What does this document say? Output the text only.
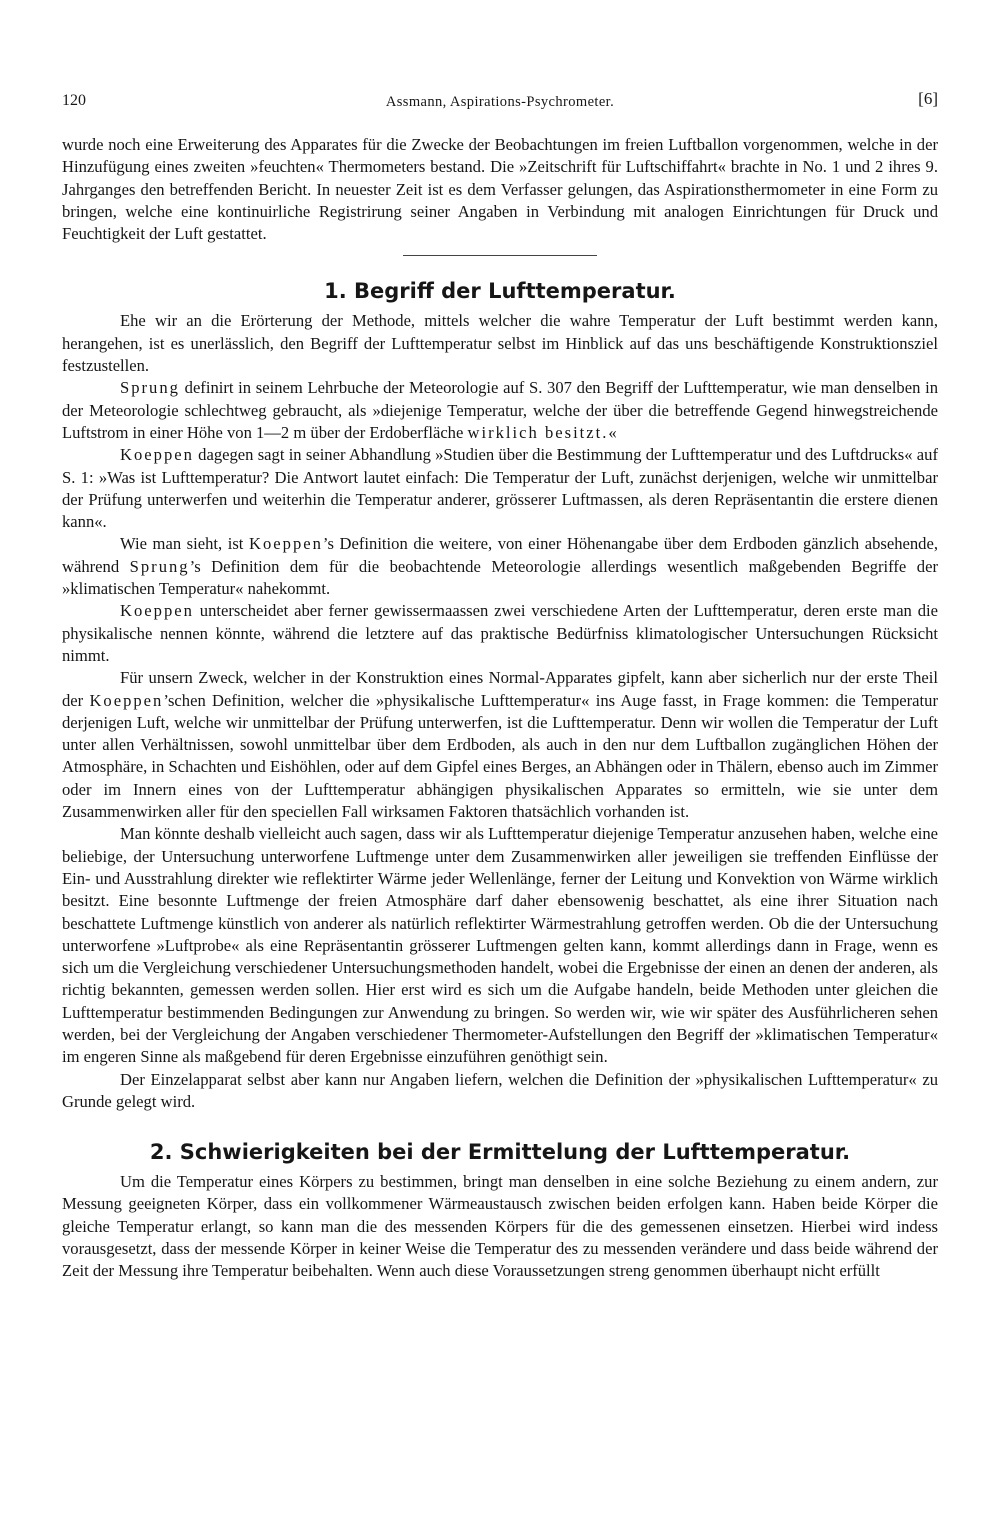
120	Assmann, Aspirations-Psychrometer.	[6]

wurde noch eine Erweiterung des Apparates für die Zwecke der Beobachtungen im freien Luftballon vorgenommen, welche in der Hinzufügung eines zweiten »feuchten« Thermometers bestand. Die »Zeitschrift für Luftschiffahrt« brachte in No. 1 und 2 ihres 9. Jahrganges den betreffenden Bericht. In neuester Zeit ist es dem Verfasser gelungen, das Aspirationsthermometer in eine Form zu bringen, welche eine kontinuirliche Registrirung seiner Angaben in Verbindung mit analogen Einrichtungen für Druck und Feuchtigkeit der Luft gestattet.

1. Begriff der Lufttemperatur.

Ehe wir an die Erörterung der Methode, mittels welcher die wahre Temperatur der Luft bestimmt werden kann, herangehen, ist es unerlässlich, den Begriff der Lufttemperatur selbst im Hinblick auf das uns beschäftigende Konstruktionsziel festzustellen.

Sprung definirt in seinem Lehrbuche der Meteorologie auf S. 307 den Begriff der Lufttemperatur, wie man denselben in der Meteorologie schlechtweg gebraucht, als »diejenige Temperatur, welche der über die betreffende Gegend hinwegstreichende Luftstrom in einer Höhe von 1—2 m über der Erdoberfläche wirklich besitzt.«

Koeppen dagegen sagt in seiner Abhandlung »Studien über die Bestimmung der Lufttemperatur und des Luftdrucks« auf S. 1: »Was ist Lufttemperatur? Die Antwort lautet einfach: Die Temperatur der Luft, zunächst derjenigen, welche wir unmittelbar der Prüfung unterwerfen und weiterhin die Temperatur anderer, grösserer Luftmassen, als deren Repräsentantin die erstere dienen kann«.

Wie man sieht, ist Koeppen’s Definition die weitere, von einer Höhenangabe über dem Erdboden gänzlich absehende, während Sprung’s Definition dem für die beobachtende Meteorologie allerdings wesentlich maßgebenden Begriffe der »klimatischen Temperatur« nahekommt.

Koeppen unterscheidet aber ferner gewissermaassen zwei verschiedene Arten der Lufttemperatur, deren erste man die physikalische nennen könnte, während die letztere auf das praktische Bedürfniss klimatologischer Untersuchungen Rücksicht nimmt.

Für unsern Zweck, welcher in der Konstruktion eines Normal-Apparates gipfelt, kann aber sicherlich nur der erste Theil der Koeppen’schen Definition, welcher die »physikalische Lufttemperatur« ins Auge fasst, in Frage kommen: die Temperatur derjenigen Luft, welche wir unmittelbar der Prüfung unterwerfen, ist die Lufttemperatur. Denn wir wollen die Temperatur der Luft unter allen Verhältnissen, sowohl unmittelbar über dem Erdboden, als auch in den nur dem Luftballon zugänglichen Höhen der Atmosphäre, in Schachten und Eishöhlen, oder auf dem Gipfel eines Berges, an Abhängen oder in Thälern, ebenso auch im Zimmer oder im Innern eines von der Lufttemperatur abhängigen physikalischen Apparates so ermitteln, wie sie unter dem Zusammenwirken aller für den speciellen Fall wirksamen Faktoren thatsächlich vorhanden ist.

Man könnte deshalb vielleicht auch sagen, dass wir als Lufttemperatur diejenige Temperatur anzusehen haben, welche eine beliebige, der Untersuchung unterworfene Luftmenge unter dem Zusammenwirken aller jeweiligen sie treffenden Einflüsse der Ein- und Ausstrahlung direkter wie reflektirter Wärme jeder Wellenlänge, ferner der Leitung und Konvektion von Wärme wirklich besitzt. Eine besonnte Luftmenge der freien Atmosphäre darf daher ebensowenig beschattet, als eine ihrer Situation nach beschattete Luftmenge künstlich von anderer als natürlich reflektirter Wärmestrahlung getroffen werden. Ob die der Untersuchung unterworfene »Luftprobe« als eine Repräsentantin grösserer Luftmengen gelten kann, kommt allerdings dann in Frage, wenn es sich um die Vergleichung verschiedener Untersuchungsmethoden handelt, wobei die Ergebnisse der einen an denen der anderen, als richtig bekannten, gemessen werden sollen. Hier erst wird es sich um die Aufgabe handeln, beide Methoden unter gleichen die Lufttemperatur bestimmenden Bedingungen zur Anwendung zu bringen. So werden wir, wie wir später des Ausführlicheren sehen werden, bei der Vergleichung der Angaben verschiedener Thermometer-Aufstellungen den Begriff der »klimatischen Temperatur« im engeren Sinne als maßgebend für deren Ergebnisse einzuführen genöthigt sein.

Der Einzelapparat selbst aber kann nur Angaben liefern, welchen die Definition der »physikalischen Lufttemperatur« zu Grunde gelegt wird.

2. Schwierigkeiten bei der Ermittelung der Lufttemperatur.

Um die Temperatur eines Körpers zu bestimmen, bringt man denselben in eine solche Beziehung zu einem andern, zur Messung geeigneten Körper, dass ein vollkommener Wärmeaustausch zwischen beiden erfolgen kann. Haben beide Körper die gleiche Temperatur erlangt, so kann man die des messenden Körpers für die des gemessenen einsetzen. Hierbei wird indess vorausgesetzt, dass der messende Körper in keiner Weise die Temperatur des zu messenden verändere und dass beide während der Zeit der Messung ihre Temperatur beibehalten. Wenn auch diese Voraussetzungen streng genommen überhaupt nicht erfüllt
